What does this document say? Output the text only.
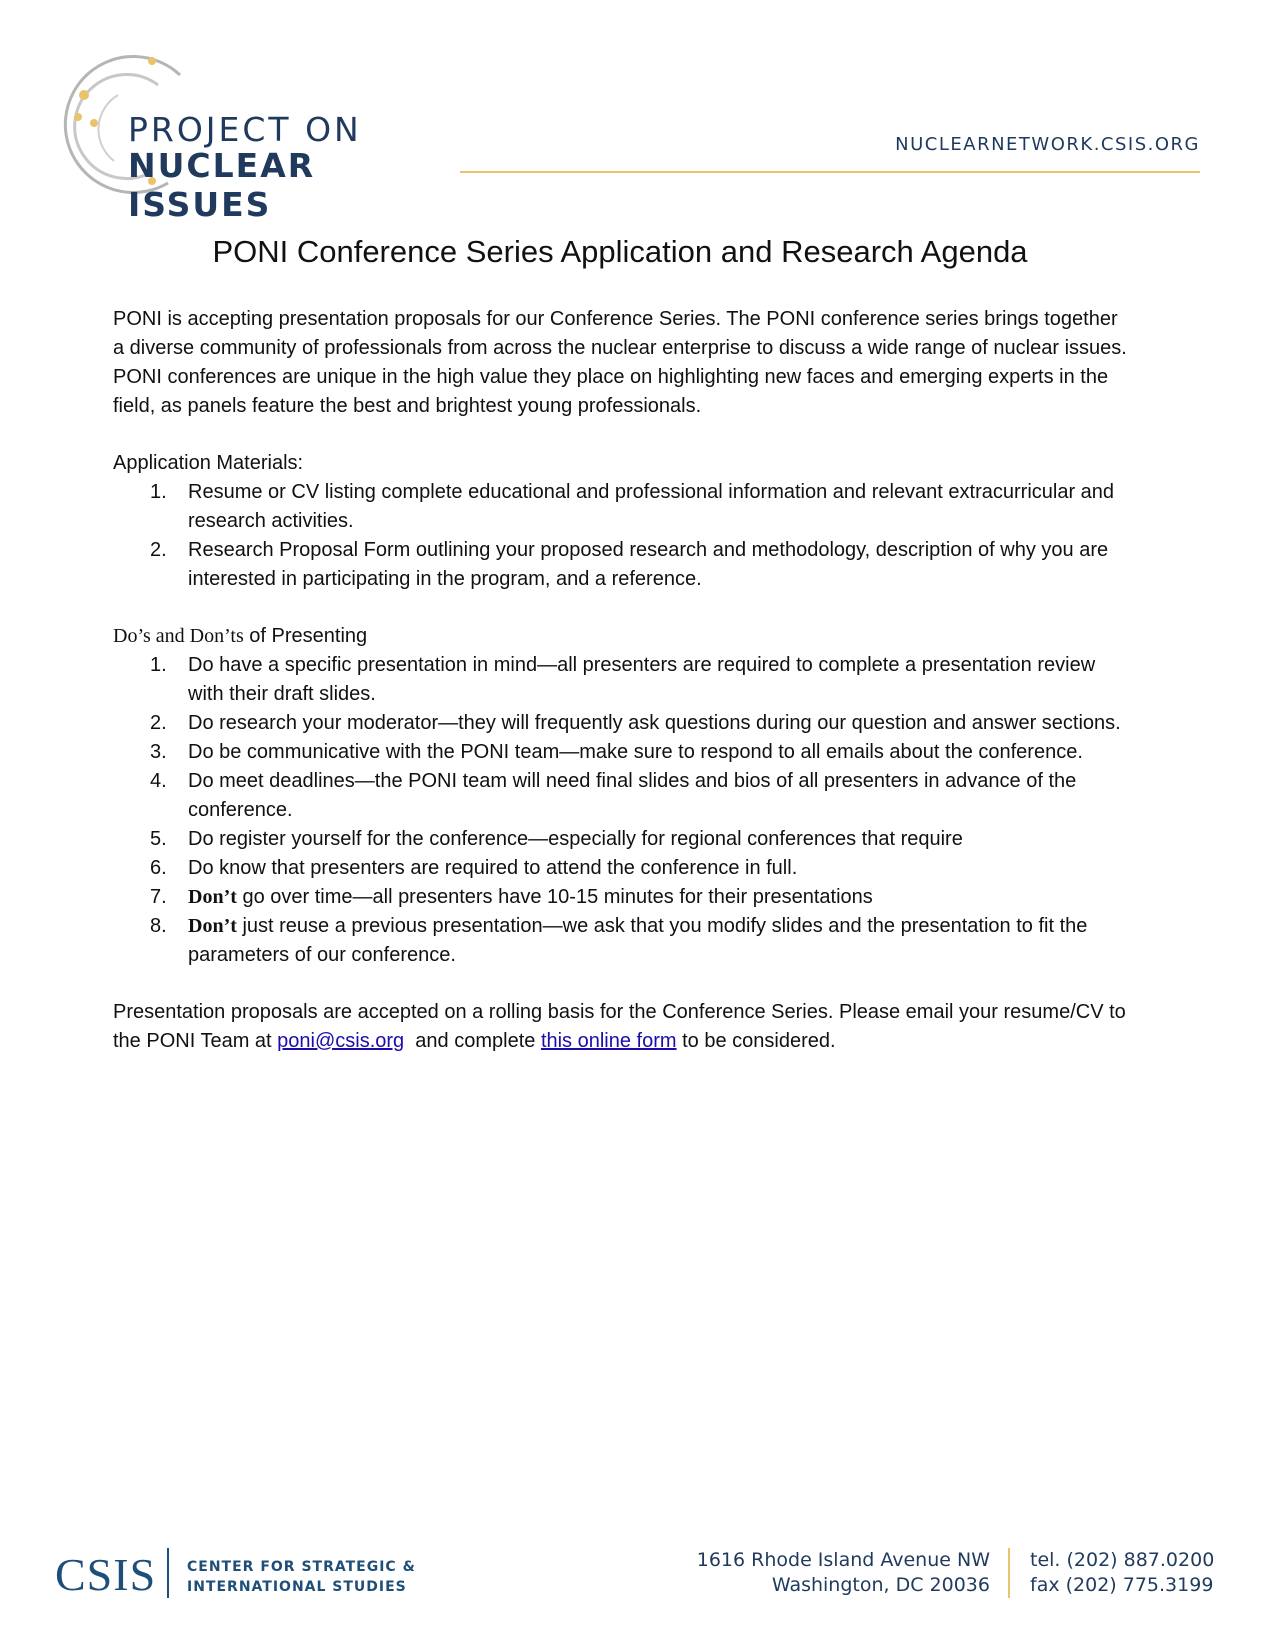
PROJECT ON
NUCLEAR ISSUES
NUCLEARNETWORK.CSIS.ORG
PONI Conference Series Application and Research Agenda

PONI is accepting presentation proposals for our Conference Series. The PONI conference series brings together a diverse community of professionals from across the nuclear enterprise to discuss a wide range of nuclear issues. PONI conferences are unique in the high value they place on highlighting new faces and emerging experts in the field, as panels feature the best and brightest young professionals.

Application Materials:

1. Resume or CV listing complete educational and professional information and relevant extracurricular and research activities.
2. Research Proposal Form outlining your proposed research and methodology, description of why you are interested in participating in the program, and a reference.

Do’s and Don’ts of Presenting

1. Do have a specific presentation in mind—all presenters are required to complete a presentation review with their draft slides.
2. Do research your moderator—they will frequently ask questions during our question and answer sections.
3. Do be communicative with the PONI team—make sure to respond to all emails about the conference.
4. Do meet deadlines—the PONI team will need final slides and bios of all presenters in advance of the conference.
5. Do register yourself for the conference—especially for regional conferences that require
6. Do know that presenters are required to attend the conference in full.
7. Don’t go over time—all presenters have 10-15 minutes for their presentations
8. Don’t just reuse a previous presentation—we ask that you modify slides and the presentation to fit the parameters of our conference.

Presentation proposals are accepted on a rolling basis for the Conference Series. Please email your resume/CV to the PONI Team at poni@csis.org  and complete this online form to be considered.

CSIS CENTER FOR STRATEGIC &
INTERNATIONAL STUDIES
1616 Rhode Island Avenue NW
Washington, DC 20036
tel. (202) 887.0200
fax (202) 775.3199
